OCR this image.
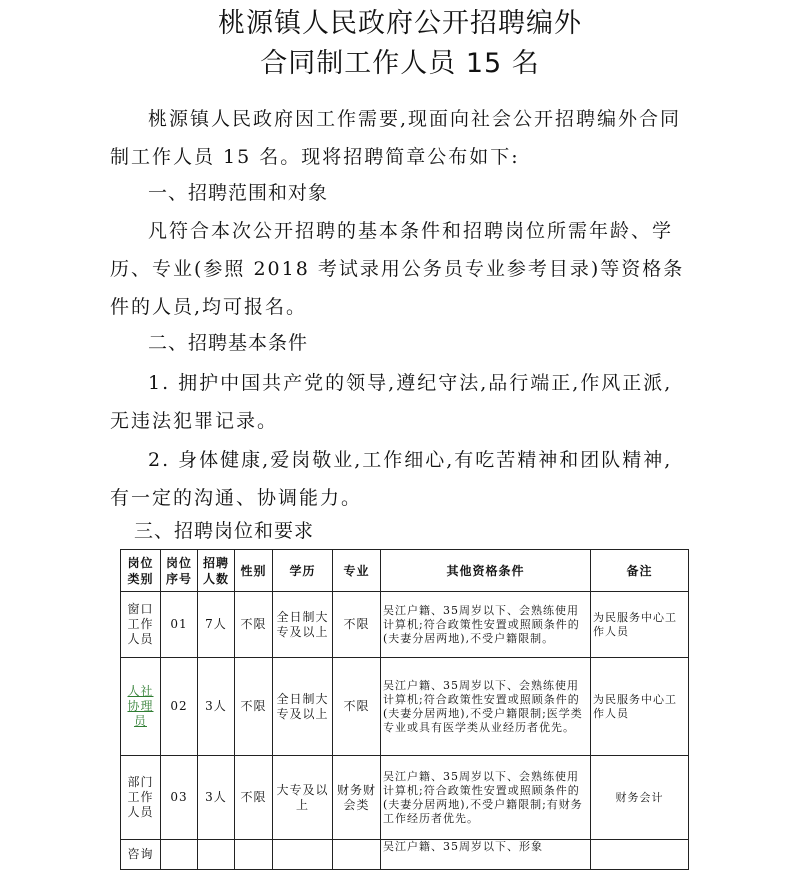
桃源镇人民政府公开招聘编外
合同制工作人员 15 名
桃源镇人民政府因工作需要,现面向社会公开招聘编外合同

制工作人员 15 名。现将招聘简章公布如下:
一、招聘范围和对象
凡符合本次公开招聘的基本条件和招聘岗位所需年龄、学
历、专业(参照 2018 考试录用公务员专业参考目录)等资格条
件的人员,均可报名。
二、招聘基本条件
1. 拥护中国共产党的领导,遵纪守法,品行端正,作风正派,
无违法犯罪记录。
2. 身体健康,爱岗敬业,工作细心,有吃苦精神和团队精神,
有一定的沟通、协调能力。
三、招聘岗位和要求
岗位类别	岗位序号	招聘人数	性别	学历	专业	其他资格条件	备注
窗口工作人员	01	7人	不限	全日制大专及以上	不限	吴江户籍、35周岁以下、会熟练使用计算机;符合政策性安置或照顾条件的(夫妻分居两地),不受户籍限制。	为民服务中心工作人员
人社协理员	02	3人	不限	全日制大专及以上	不限	吴江户籍、35周岁以下、会熟练使用计算机;符合政策性安置或照顾条件的(夫妻分居两地),不受户籍限制;医学类专业或具有医学类从业经历者优先。	为民服务中心工作人员
部门工作人员	03	3人	不限	大专及以上	财务财会类	吴江户籍、35周岁以下、会熟练使用计算机;符合政策性安置或照顾条件的(夫妻分居两地),不受户籍限制;有财务工作经历者优先。	财务会计
咨询						吴江户籍、35周岁以下、形象	
